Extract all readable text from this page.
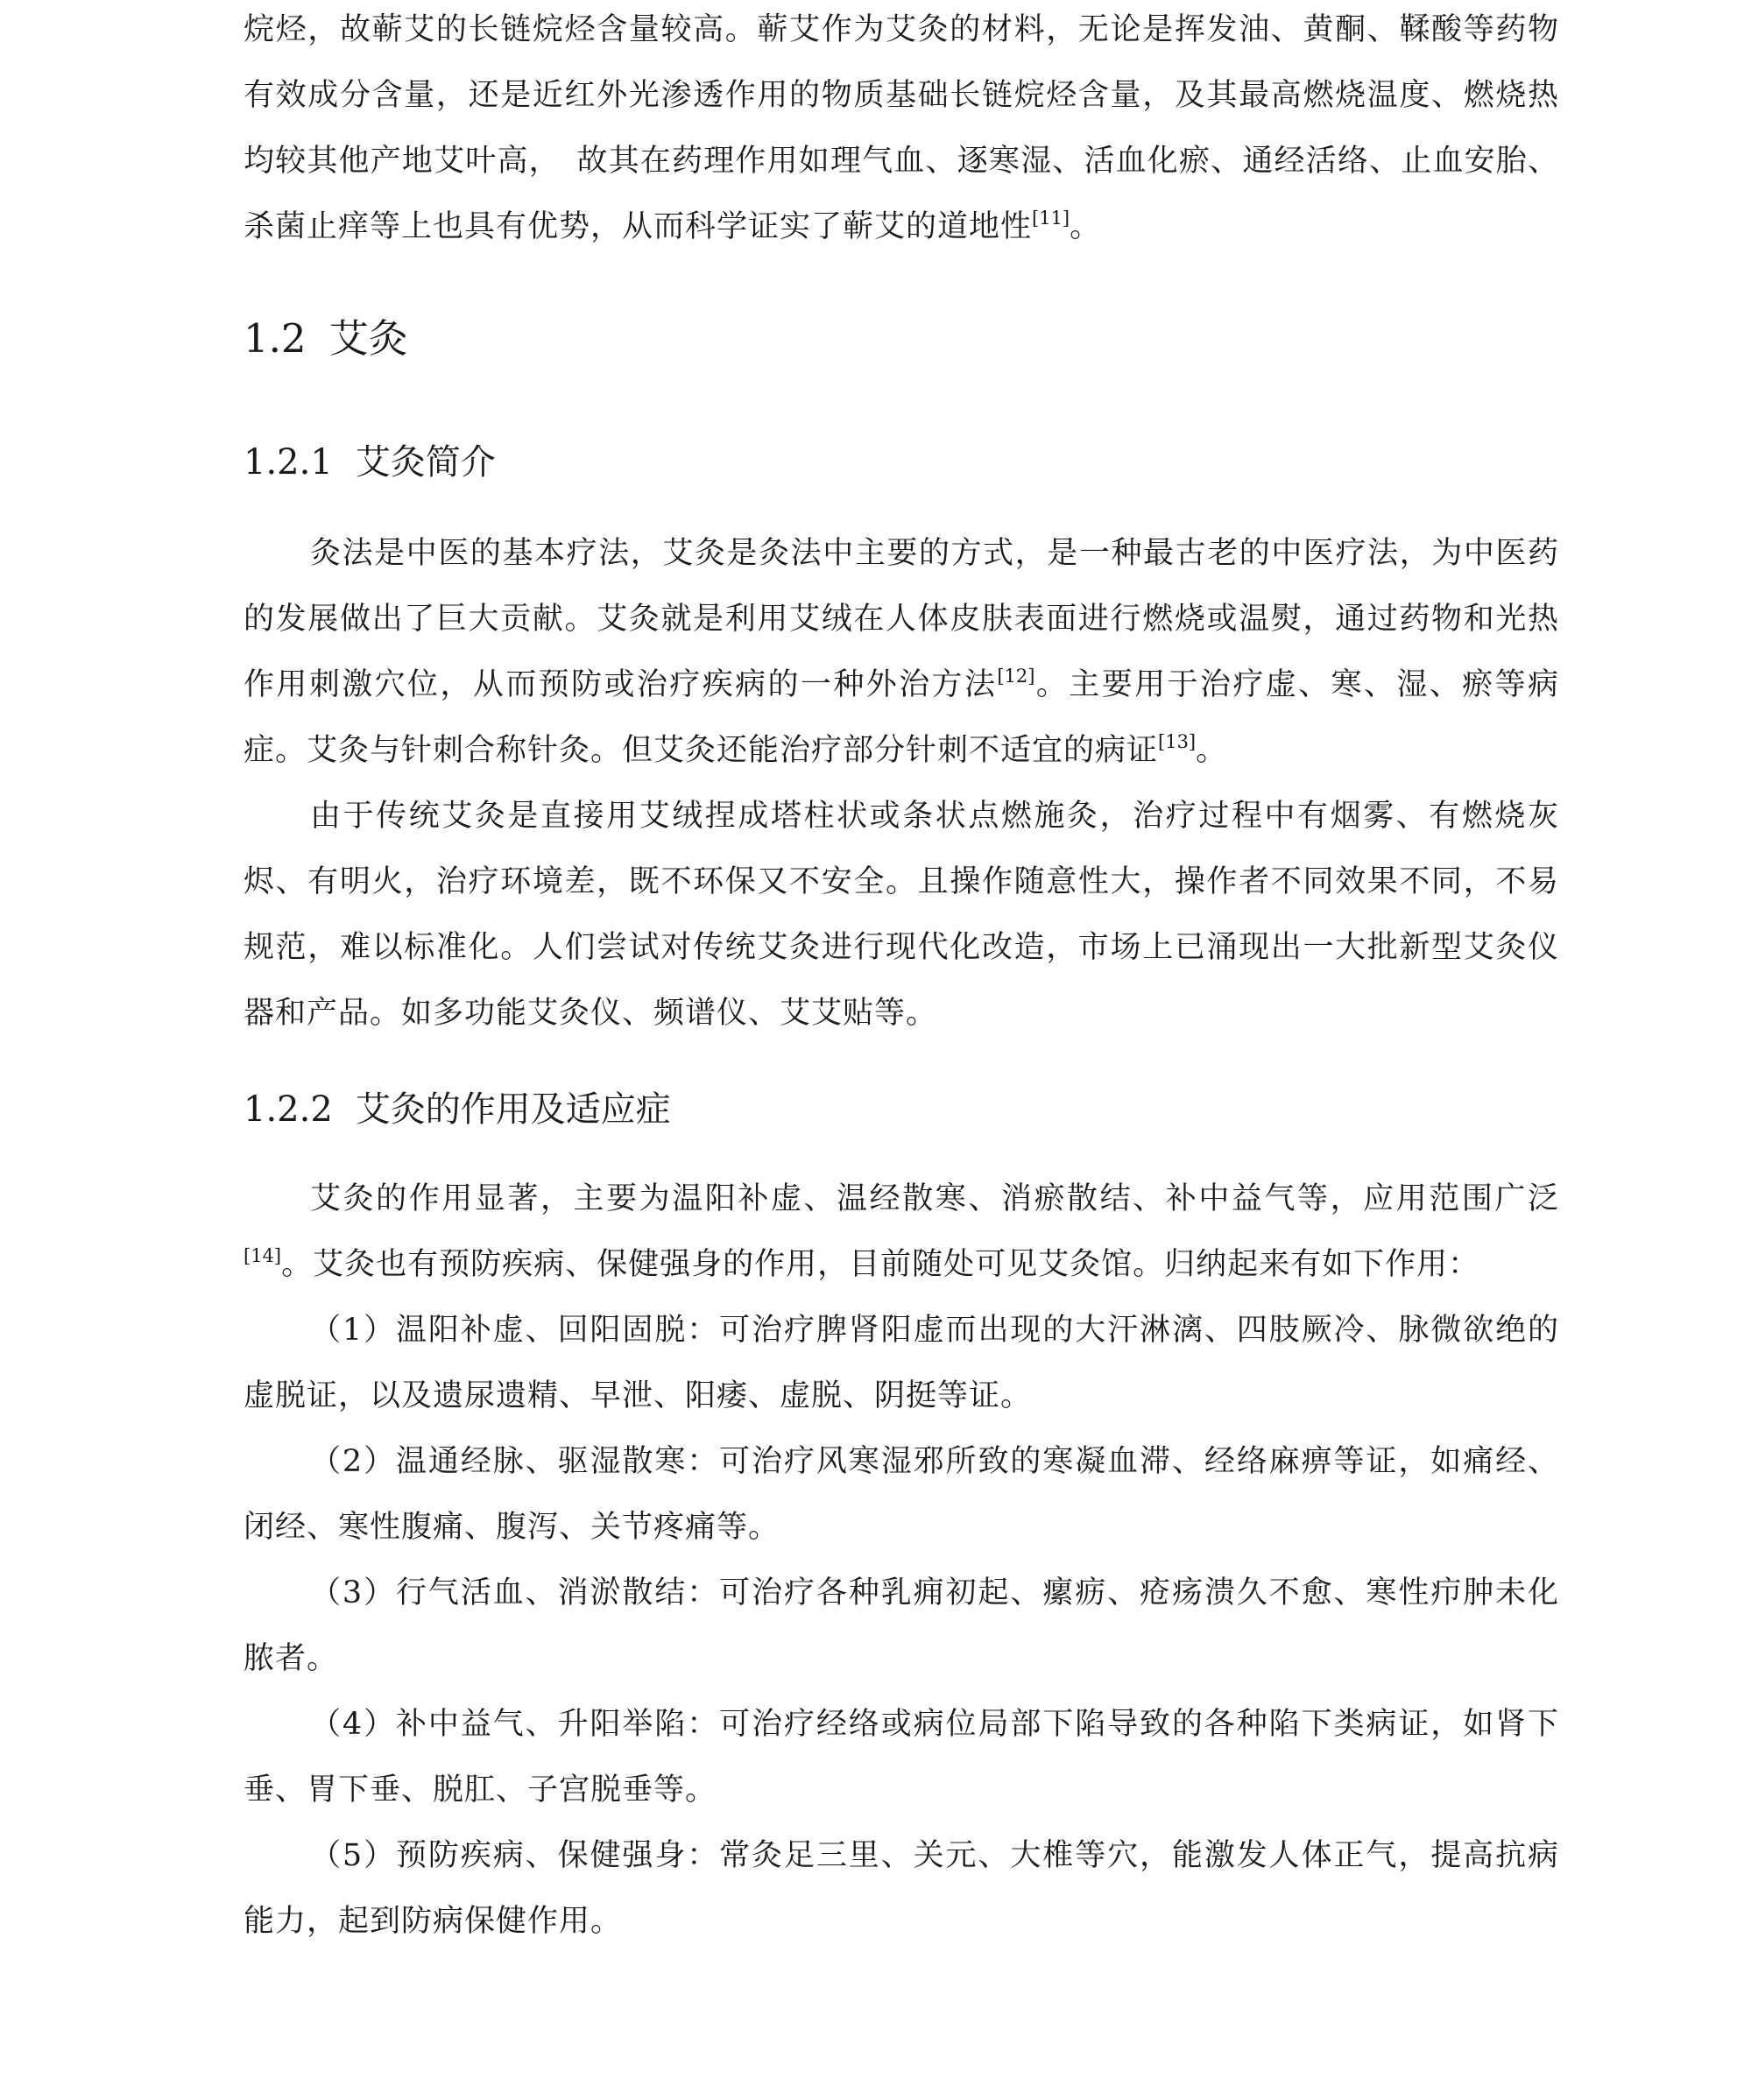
烷烃，故蕲艾的长链烷烃含量较高。蕲艾作为艾灸的材料，无论是挥发油、黄酮、鞣酸等药物有效成分含量，还是近红外光渗透作用的物质基础长链烷烃含量，及其最高燃烧温度、燃烧热均较其他产地艾叶高，　故其在药理作用如理气血、逐寒湿、活血化瘀、通经活络、止血安胎、杀菌止痒等上也具有优势，从而科学证实了蕲艾的道地性[11]。

1.2 艾灸
1.2.1 艾灸简介

灸法是中医的基本疗法，艾灸是灸法中主要的方式，是一种最古老的中医疗法，为中医药的发展做出了巨大贡献。艾灸就是利用艾绒在人体皮肤表面进行燃烧或温熨，通过药物和光热作用刺激穴位，从而预防或治疗疾病的一种外治方法[12]。主要用于治疗虚、寒、湿、瘀等病症。艾灸与针刺合称针灸。但艾灸还能治疗部分针刺不适宜的病证[13]。

由于传统艾灸是直接用艾绒捏成塔柱状或条状点燃施灸，治疗过程中有烟雾、有燃烧灰烬、有明火，治疗环境差，既不环保又不安全。且操作随意性大，操作者不同效果不同，不易规范，难以标准化。人们尝试对传统艾灸进行现代化改造，市场上已涌现出一大批新型艾灸仪器和产品。如多功能艾灸仪、频谱仪、艾艾贴等。

1.2.2 艾灸的作用及适应症

艾灸的作用显著，主要为温阳补虚、温经散寒、消瘀散结、补中益气等，应用范围广泛[14]。艾灸也有预防疾病、保健强身的作用，目前随处可见艾灸馆。归纳起来有如下作用：

（1）温阳补虚、回阳固脱：可治疗脾肾阳虚而出现的大汗淋漓、四肢厥冷、脉微欲绝的虚脱证，以及遗尿遗精、早泄、阳痿、虚脱、阴挺等证。

（2）温通经脉、驱湿散寒：可治疗风寒湿邪所致的寒凝血滞、经络麻痹等证，如痛经、闭经、寒性腹痛、腹泻、关节疼痛等。

（3）行气活血、消淤散结：可治疗各种乳痈初起、瘰疬、疮疡溃久不愈、寒性疖肿未化脓者。

（4）补中益气、升阳举陷：可治疗经络或病位局部下陷导致的各种陷下类病证，如肾下垂、胃下垂、脱肛、子宫脱垂等。

（5）预防疾病、保健强身：常灸足三里、关元、大椎等穴，能激发人体正气，提高抗病能力，起到防病保健作用。
